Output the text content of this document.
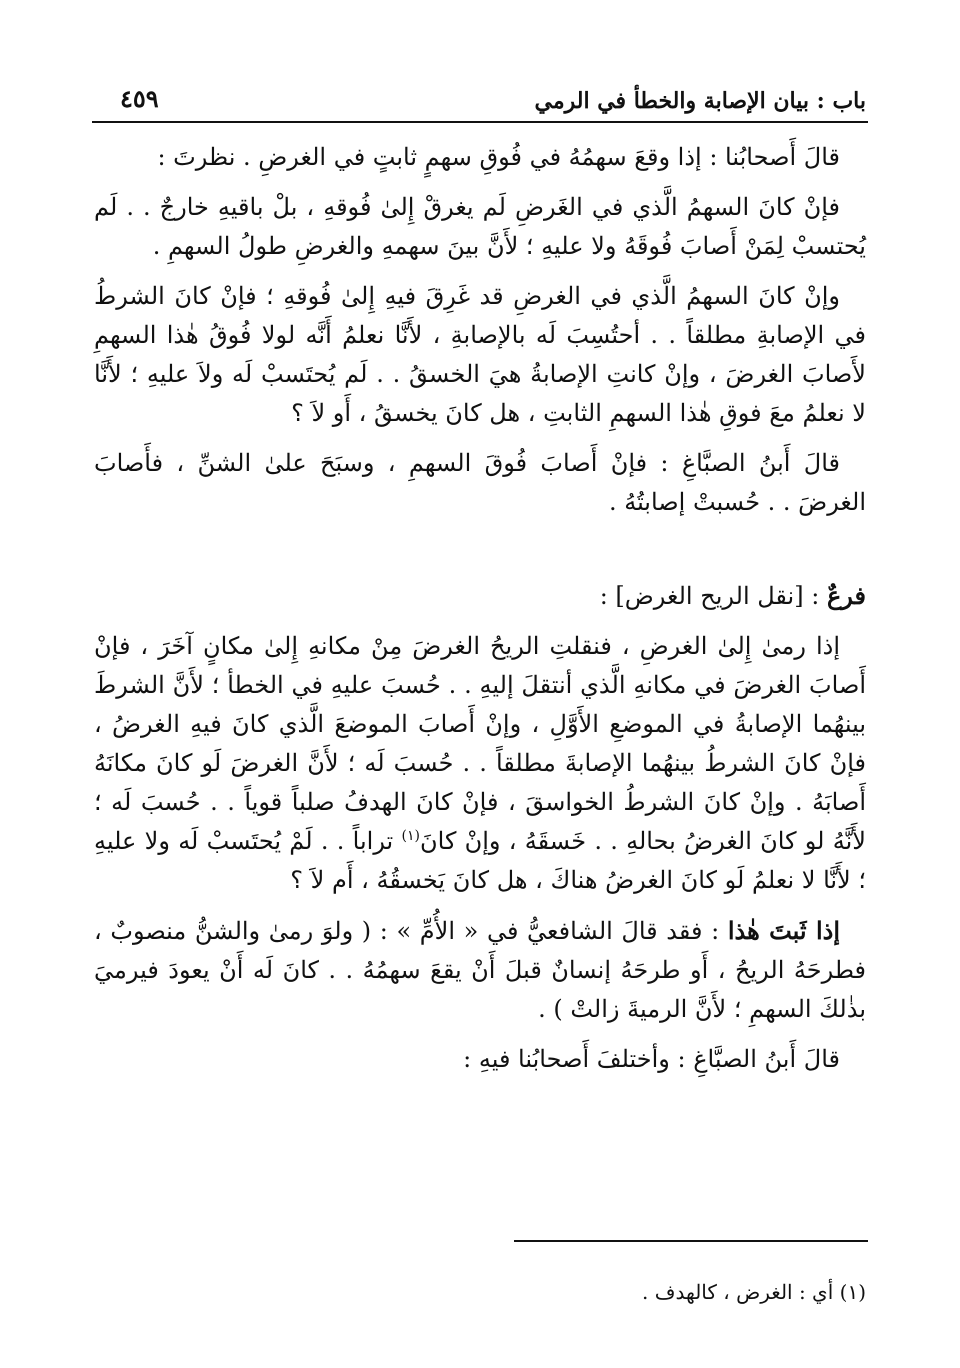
باب : بيان الإصابة والخطأ في الرمي
٤٥٩

قالَ أَصحابُنا : إذا وقعَ سهمُهُ في فُوقِ سهمٍ ثابتٍ في الغرضِ . نظرتَ :

فإنْ كانَ السهمُ الَّذي في الغَرضِ لَم يغرقْ إِلىٰ فُوقهِ ، بلْ باقيهِ خارجٌ . . لَم يُحتسبْ لِمَنْ أَصابَ فُوقَهُ ولا عليهِ ؛ لأَنَّ بينَ سهمهِ والغرضِ طولُ السهمِ .

وإنْ كانَ السهمُ الَّذي في الغرضِ قد غَرِقَ فيهِ إِلىٰ فُوقهِ ؛ فإنْ كانَ الشرطُ في الإصابةِ مطلقاً . . أحتُسِبَ لَه بالإصابةِ ، لأَنَّا نعلمُ أَنَّه لولا فُوقُ هٰذا السهمِ لأَصابَ الغرضَ ، وإنْ كانتِ الإصابةُ هيَ الخسقُ . . لَم يُحتَسبْ لَه ولاَ عليهِ ؛ لأَنَّا لا نعلمُ معَ فوقِ هٰذا السهمِ الثابتِ ، هل كانَ يخسقُ ، أَو لاَ ؟

قالَ أَبنُ الصبَّاغِ : فإنْ أَصابَ فُوقَ السهمِ ، وسبَحَ علىٰ الشنِّ ، فأَصابَ الغرضَ . . حُسبتْ إصابتُهُ .

فرعٌ : [نقل الريح الغرض] :

إذا رمىٰ إِلىٰ الغرضِ ، فنقلتِ الريحُ الغرضَ مِنْ مكانهِ إِلىٰ مكانٍ آخَرَ ، فإنْ أَصابَ الغرضَ في مكانهِ الَّذي أنتقلَ إليهِ . . حُسبَ عليهِ في الخطأ ؛ لأَنَّ الشرطَ بينهُما الإصابةُ في الموضعِ الأَوَّلِ ، وإنْ أَصابَ الموضعَ الَّذي كانَ فيهِ الغرضُ ، فإنْ كانَ الشرطُ بينهُما الإصابةَ مطلقاً . . حُسبَ لَه ؛ لأَنَّ الغرضَ لَو كانَ مكانَهُ أَصابَهُ . وإنْ كانَ الشرطُ الخواسقَ ، فإنْ كانَ الهدفُ صلباً قوياً . . حُسبَ لَه ؛ لأَنَّهُ لو كانَ الغرضُ بحالهِ . . خَسقَهُ ، وإنْ كانَ$^{(١)}$ تراباً . . لَمْ يُحتَسبْ لَه ولا عليهِ ؛ لأَنَّا لا نعلمُ لَو كانَ الغرضُ هناكَ ، هل كانَ يَخسقُهُ ، أَم لاَ ؟

إذا ثَبتَ هٰذا : فقد قالَ الشافعيُّ في « الأُمِّ » : ( ولوَ رمىٰ والشنُّ منصوبٌ ، فطرحَهُ الريحُ ، أَو طرحَهُ إنسانٌ قبلَ أَنْ يقعَ سهمُهُ . . كانَ لَه أَنْ يعودَ فيرميَ بذٰلكَ السهمِ ؛ لأَنَّ الرميةَ زالتْ ) .

قالَ أَبنُ الصبَّاغِ : وأختلفَ أَصحابُنا فيهِ :

(١) أي : الغرض ، كالهدف .
